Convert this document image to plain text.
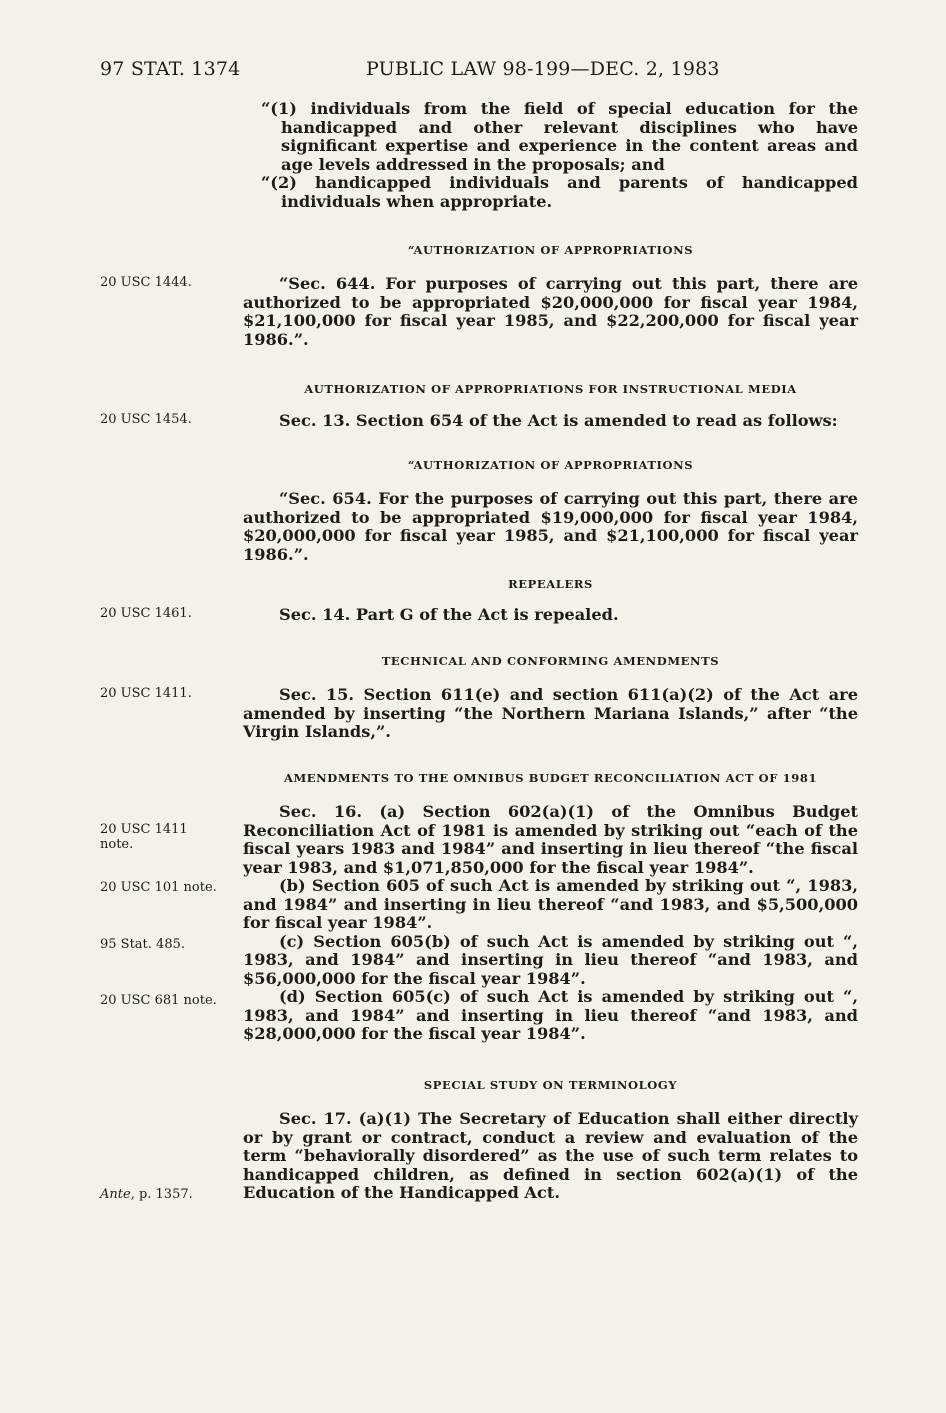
97 STAT. 1374	PUBLIC LAW 98-199—DEC. 2, 1983
“(1) individuals from the field of special education for the handicapped and other relevant disciplines who have significant expertise and experience in the content areas and age levels addressed in the proposals; and
“(2) handicapped individuals and parents of handicapped individuals when appropriate.
“AUTHORIZATION OF APPROPRIATIONS
20 USC 1444.	“Sec. 644. For purposes of carrying out this part, there are authorized to be appropriated $20,000,000 for fiscal year 1984, $21,100,000 for fiscal year 1985, and $22,200,000 for fiscal year 1986.”.
AUTHORIZATION OF APPROPRIATIONS FOR INSTRUCTIONAL MEDIA
20 USC 1454.	Sec. 13. Section 654 of the Act is amended to read as follows:
“AUTHORIZATION OF APPROPRIATIONS
“Sec. 654. For the purposes of carrying out this part, there are authorized to be appropriated $19,000,000 for fiscal year 1984, $20,000,000 for fiscal year 1985, and $21,100,000 for fiscal year 1986.”.
REPEALERS
20 USC 1461.	Sec. 14. Part G of the Act is repealed.
TECHNICAL AND CONFORMING AMENDMENTS
20 USC 1411.	Sec. 15. Section 611(e) and section 611(a)(2) of the Act are amended by inserting “the Northern Mariana Islands,” after “the Virgin Islands,”.
AMENDMENTS TO THE OMNIBUS BUDGET RECONCILIATION ACT OF 1981
20 USC 1411 note.
20 USC 101 note.
95 Stat. 485.
20 USC 681 note.
Sec. 16. (a) Section 602(a)(1) of the Omnibus Budget Reconciliation Act of 1981 is amended by striking out “each of the fiscal years 1983 and 1984” and inserting in lieu thereof “the fiscal year 1983, and $1,071,850,000 for the fiscal year 1984”.
(b) Section 605 of such Act is amended by striking out “, 1983, and 1984” and inserting in lieu thereof “and 1983, and $5,500,000 for fiscal year 1984”.
(c) Section 605(b) of such Act is amended by striking out “, 1983, and 1984” and inserting in lieu thereof “and 1983, and $56,000,000 for the fiscal year 1984”.
(d) Section 605(c) of such Act is amended by striking out “, 1983, and 1984” and inserting in lieu thereof “and 1983, and $28,000,000 for the fiscal year 1984”.
SPECIAL STUDY ON TERMINOLOGY
Sec. 17. (a)(1) The Secretary of Education shall either directly or by grant or contract, conduct a review and evaluation of the term “behaviorally disordered” as the use of such term relates to handicapped children, as defined in section 602(a)(1) of the Education of the Handicapped Act.
Ante, p. 1357.
